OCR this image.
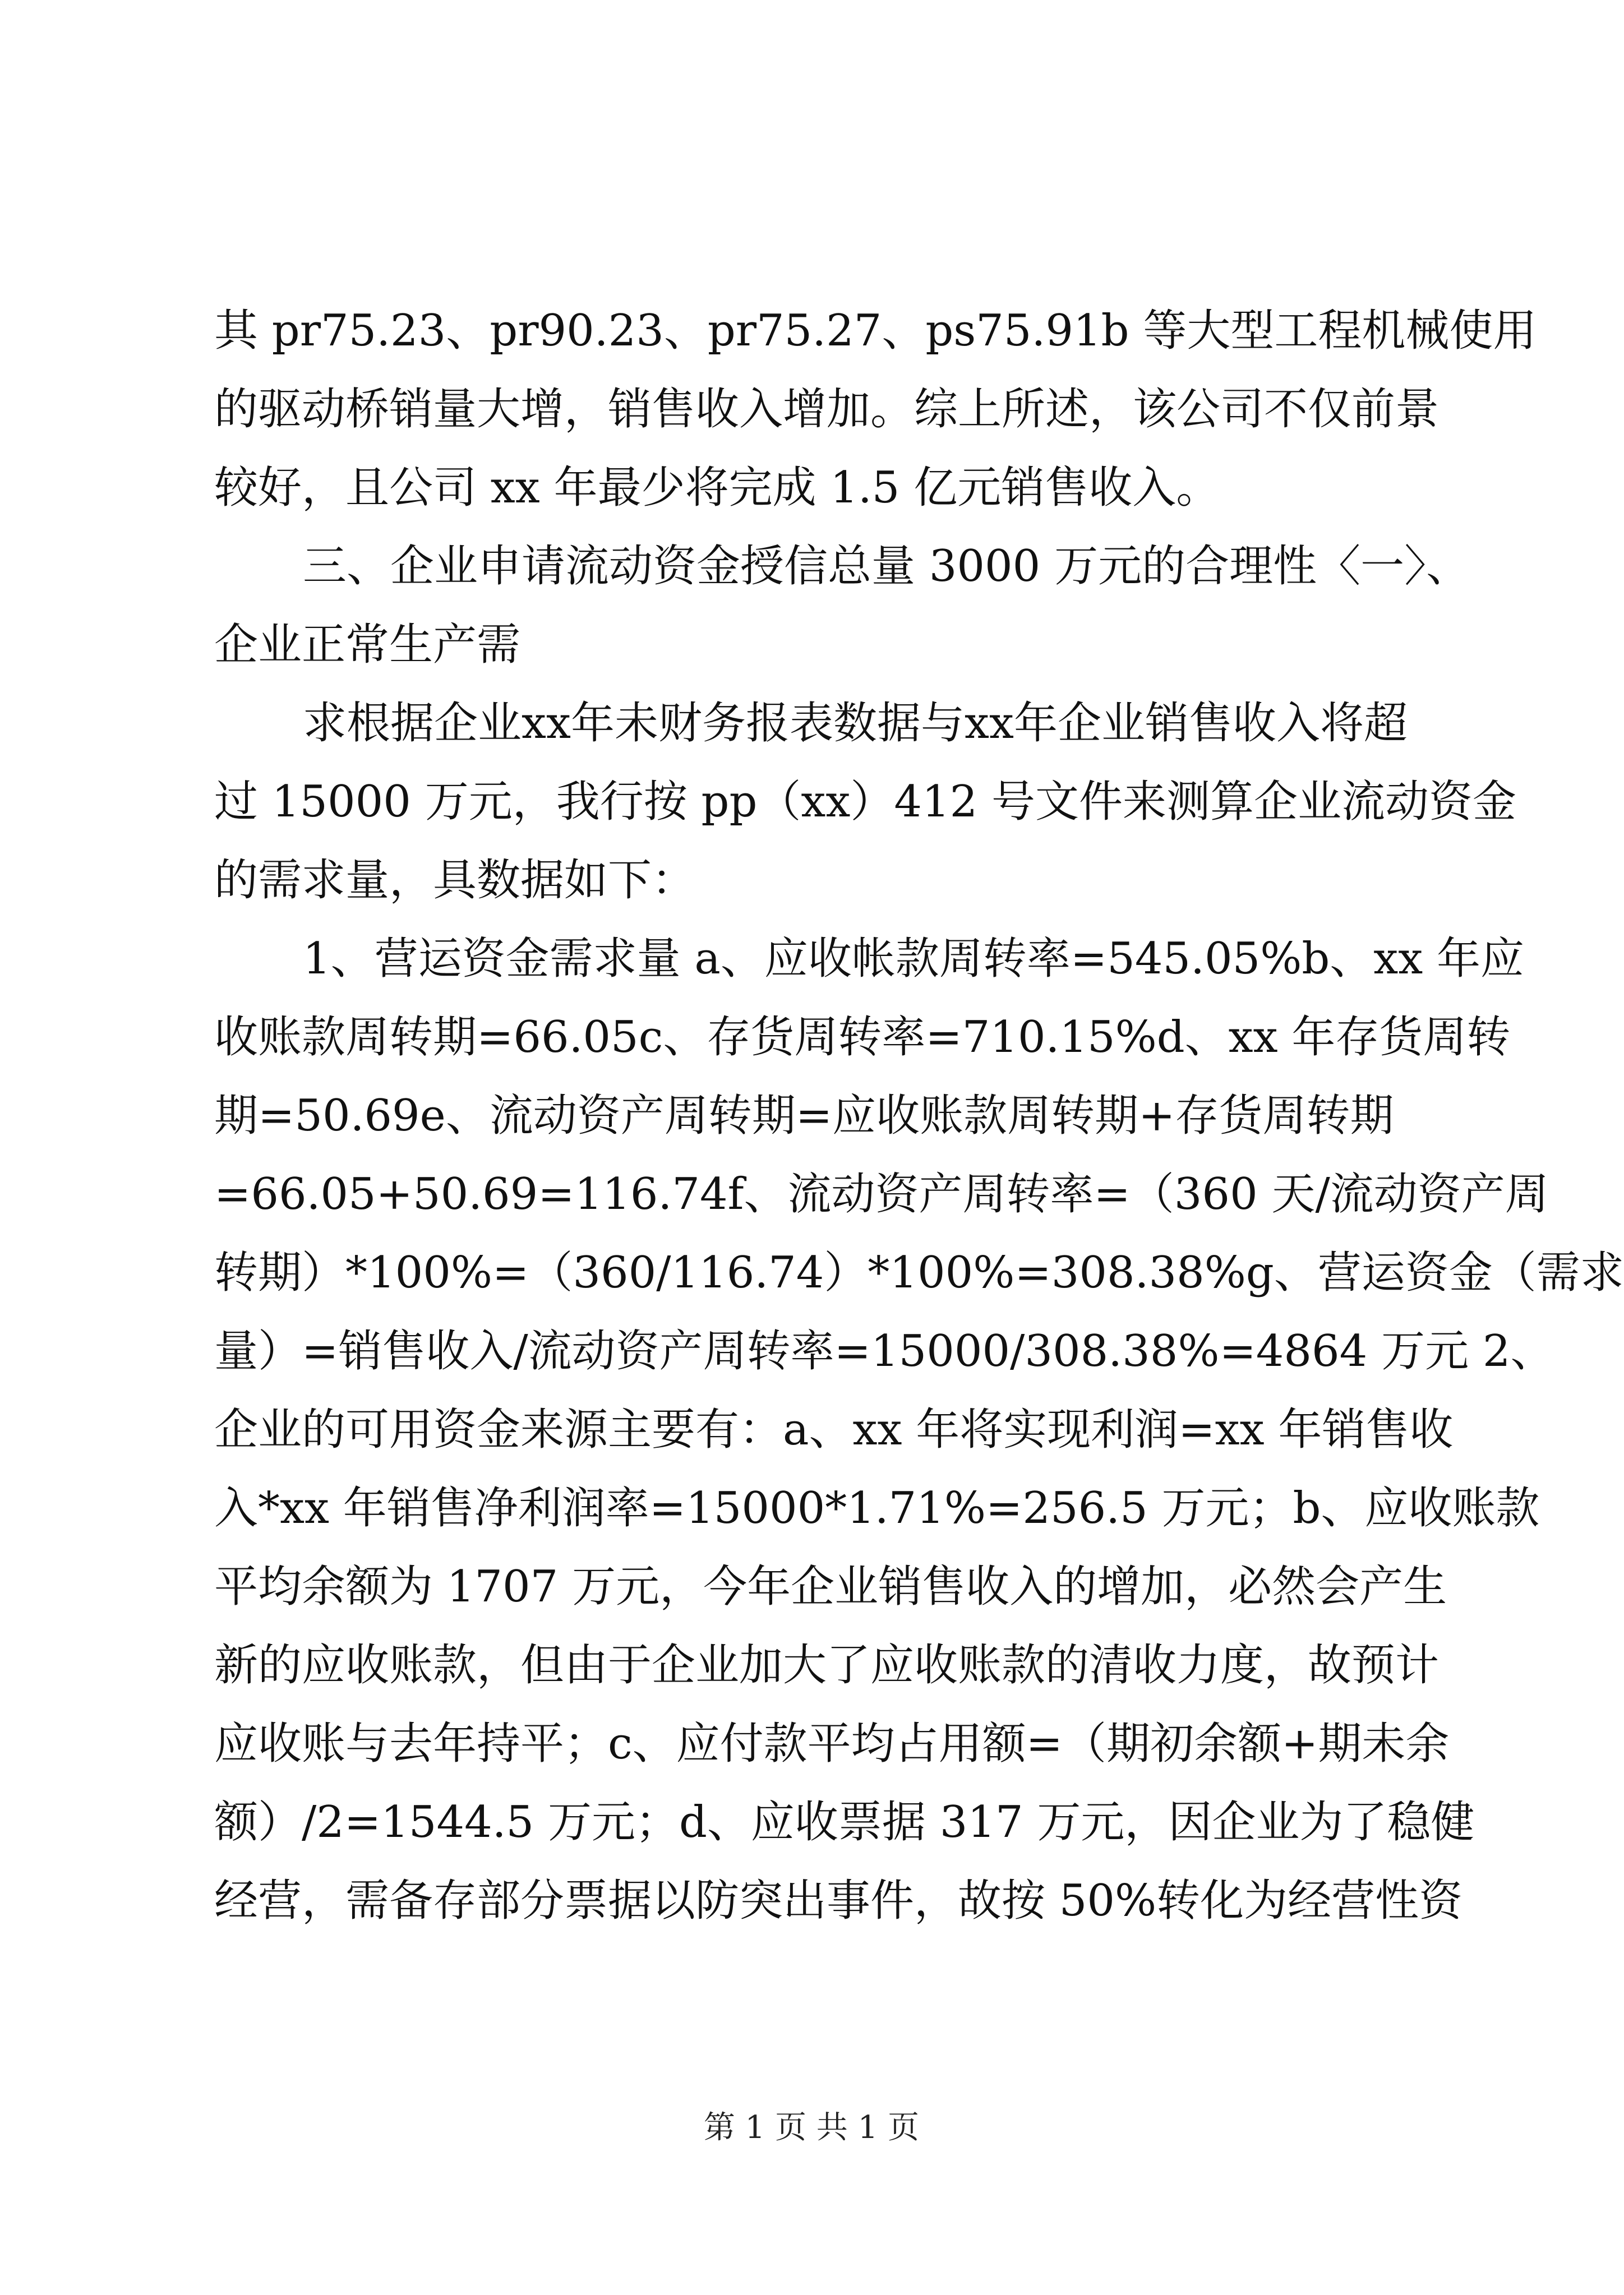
其 pr75.23、pr90.23、pr75.27、ps75.91b 等大型工程机械使用
的驱动桥销量大增，销售收入增加。综上所述，该公司不仅前景
较好，且公司 xx 年最少将完成 1.5 亿元销售收入。
三、企业申请流动资金授信总量 3000 万元的合理性〈一〉、
企业正常生产需
求根据企业xx年未财务报表数据与xx年企业销售收入将超
过 15000 万元，我行按 pp（xx）412 号文件来测算企业流动资金
的需求量，具数据如下：
1、营运资金需求量 a、应收帐款周转率=545.05%b、xx 年应
收账款周转期=66.05c、存货周转率=710.15%d、xx 年存货周转
期=50.69e、流动资产周转期=应收账款周转期+存货周转期
=66.05+50.69=116.74f、流动资产周转率=（360 天/流动资产周
转期）*100%=（360/116.74）*100%=308.38%g、营运资金（需求
量）=销售收入/流动资产周转率=15000/308.38%=4864 万元 2、
企业的可用资金来源主要有：a、xx 年将实现利润=xx 年销售收
入*xx 年销售净利润率=15000*1.71%=256.5 万元；b、应收账款
平均余额为 1707 万元，今年企业销售收入的增加，必然会产生
新的应收账款，但由于企业加大了应收账款的清收力度，故预计
应收账与去年持平；c、应付款平均占用额=（期初余额+期未余
额）/2=1544.5 万元；d、应收票据 317 万元，因企业为了稳健
经营，需备存部分票据以防突出事件，故按 50%转化为经营性资
第 1 页 共 1 页
